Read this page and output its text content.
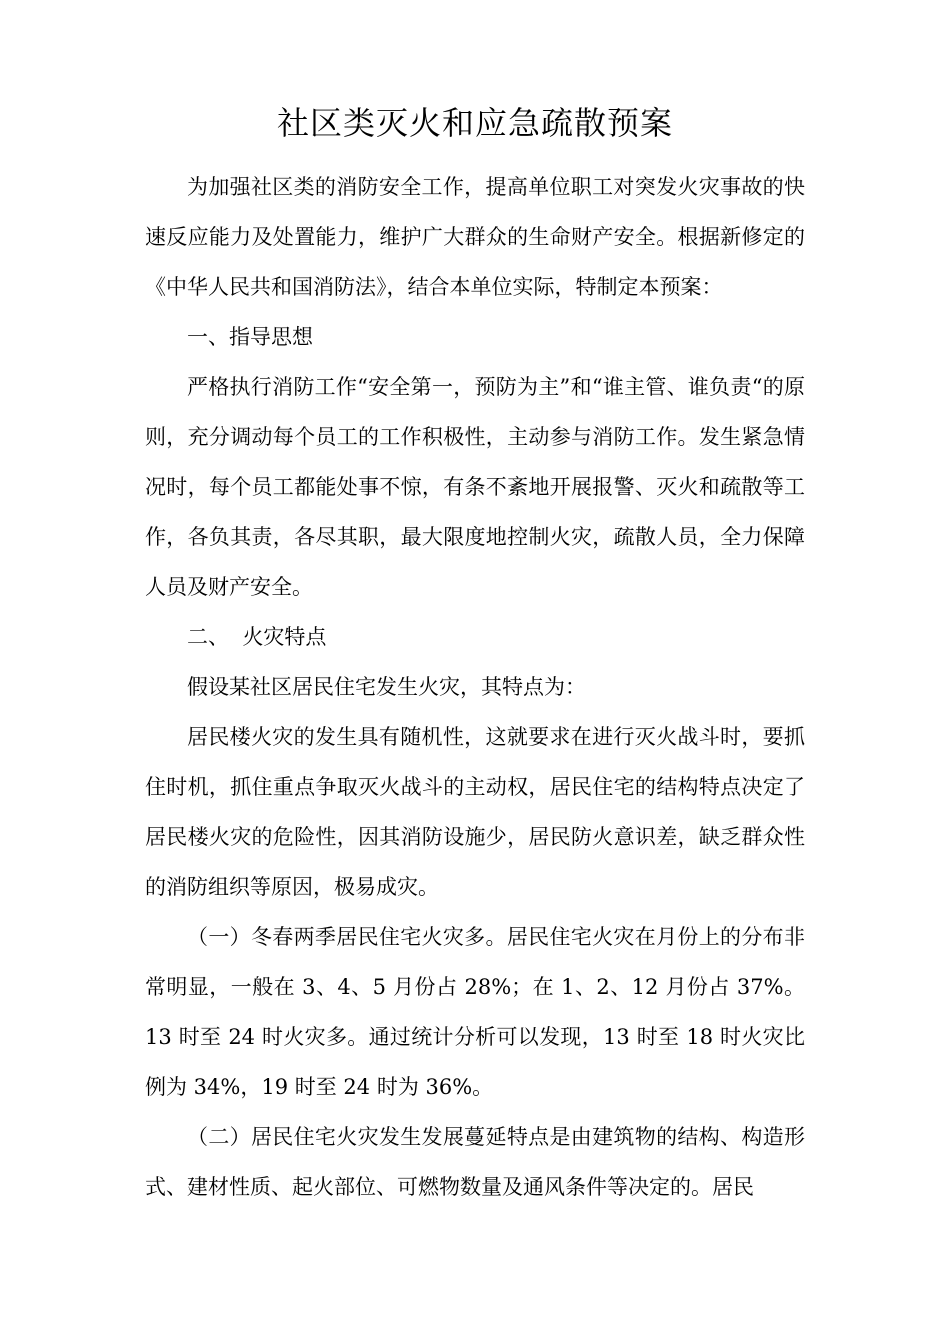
社区类灭火和应急疏散预案

为加强社区类的消防安全工作，提高单位职工对突发火灾事故的快速反应能力及处置能力，维护广大群众的生命财产安全。根据新修定的《中华人民共和国消防法》，结合本单位实际，特制定本预案：

一、指导思想

严格执行消防工作“安全第一，预防为主”和“谁主管、谁负责“的原则，充分调动每个员工的工作积极性，主动参与消防工作。发生紧急情况时，每个员工都能处事不惊，有条不紊地开展报警、灭火和疏散等工作，各负其责，各尽其职，最大限度地控制火灾，疏散人员，全力保障人员及财产安全。

二、  火灾特点

假设某社区居民住宅发生火灾，其特点为：

居民楼火灾的发生具有随机性，这就要求在进行灭火战斗时，要抓住时机，抓住重点争取灭火战斗的主动权，居民住宅的结构特点决定了居民楼火灾的危险性，因其消防设施少，居民防火意识差，缺乏群众性的消防组织等原因，极易成灾。

（一）冬春两季居民住宅火灾多。居民住宅火灾在月份上的分布非常明显，一般在 3、4、5 月份占 28%；在 1、2、12 月份占 37%。13 时至 24 时火灾多。通过统计分析可以发现，13 时至 18 时火灾比例为 34%，19 时至 24 时为 36%。

（二）居民住宅火灾发生发展蔓延特点是由建筑物的结构、构造形式、建材性质、起火部位、可燃物数量及通风条件等决定的。居民
